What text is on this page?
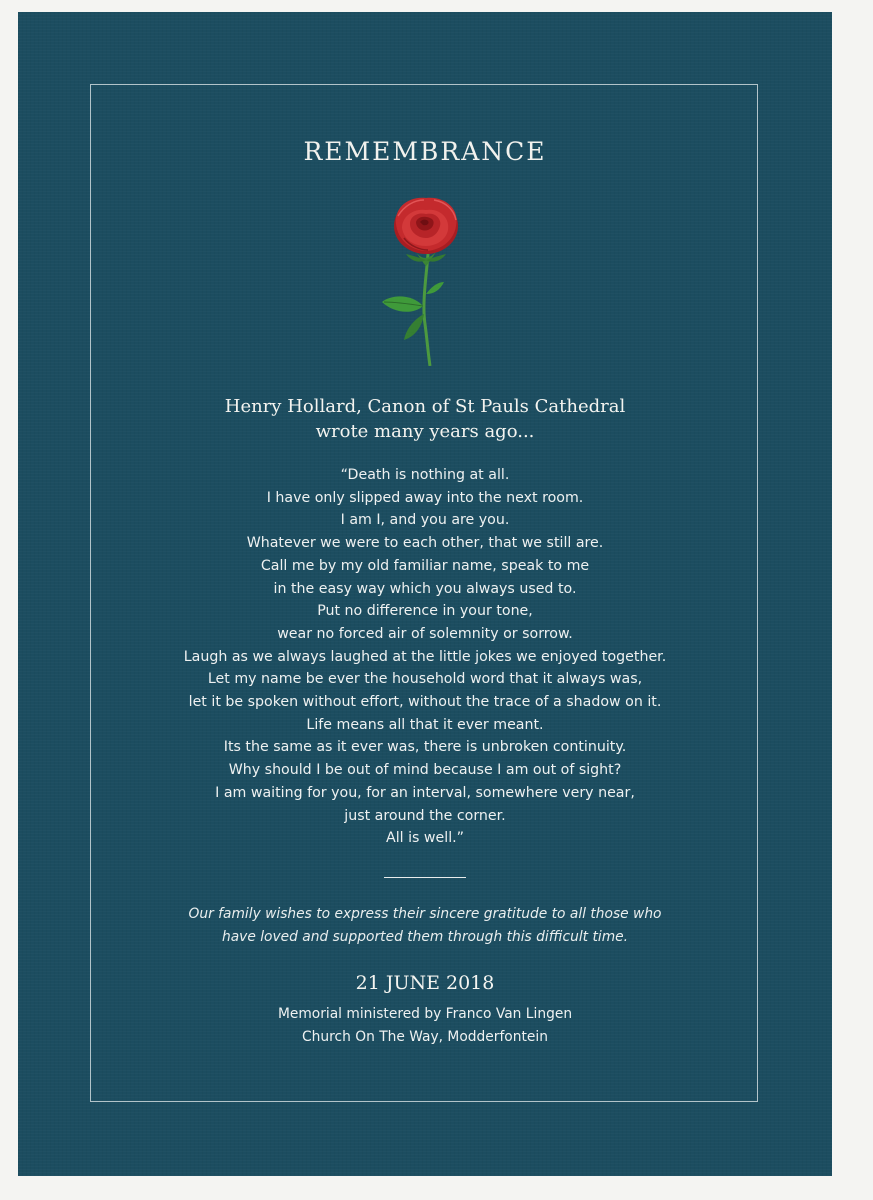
REMEMBRANCE
Henry Hollard, Canon of St Pauls Cathedral
wrote many years ago...
“Death is nothing at all.
I have only slipped away into the next room.
I am I, and you are you.
Whatever we were to each other, that we still are.
Call me by my old familiar name, speak to me
in the easy way which you always used to.
Put no difference in your tone,
wear no forced air of solemnity or sorrow.
Laugh as we always laughed at the little jokes we enjoyed together.
Let my name be ever the household word that it always was,
let it be spoken without effort, without the trace of a shadow on it.
Life means all that it ever meant.
Its the same as it ever was, there is unbroken continuity.
Why should I be out of mind because I am out of sight?
I am waiting for you, for an interval, somewhere very near,
just around the corner.
All is well.”
Our family wishes to express their sincere gratitude to all those who
have loved and supported them through this difficult time.
21 JUNE 2018
Memorial ministered by Franco Van Lingen
Church On The Way, Modderfontein
